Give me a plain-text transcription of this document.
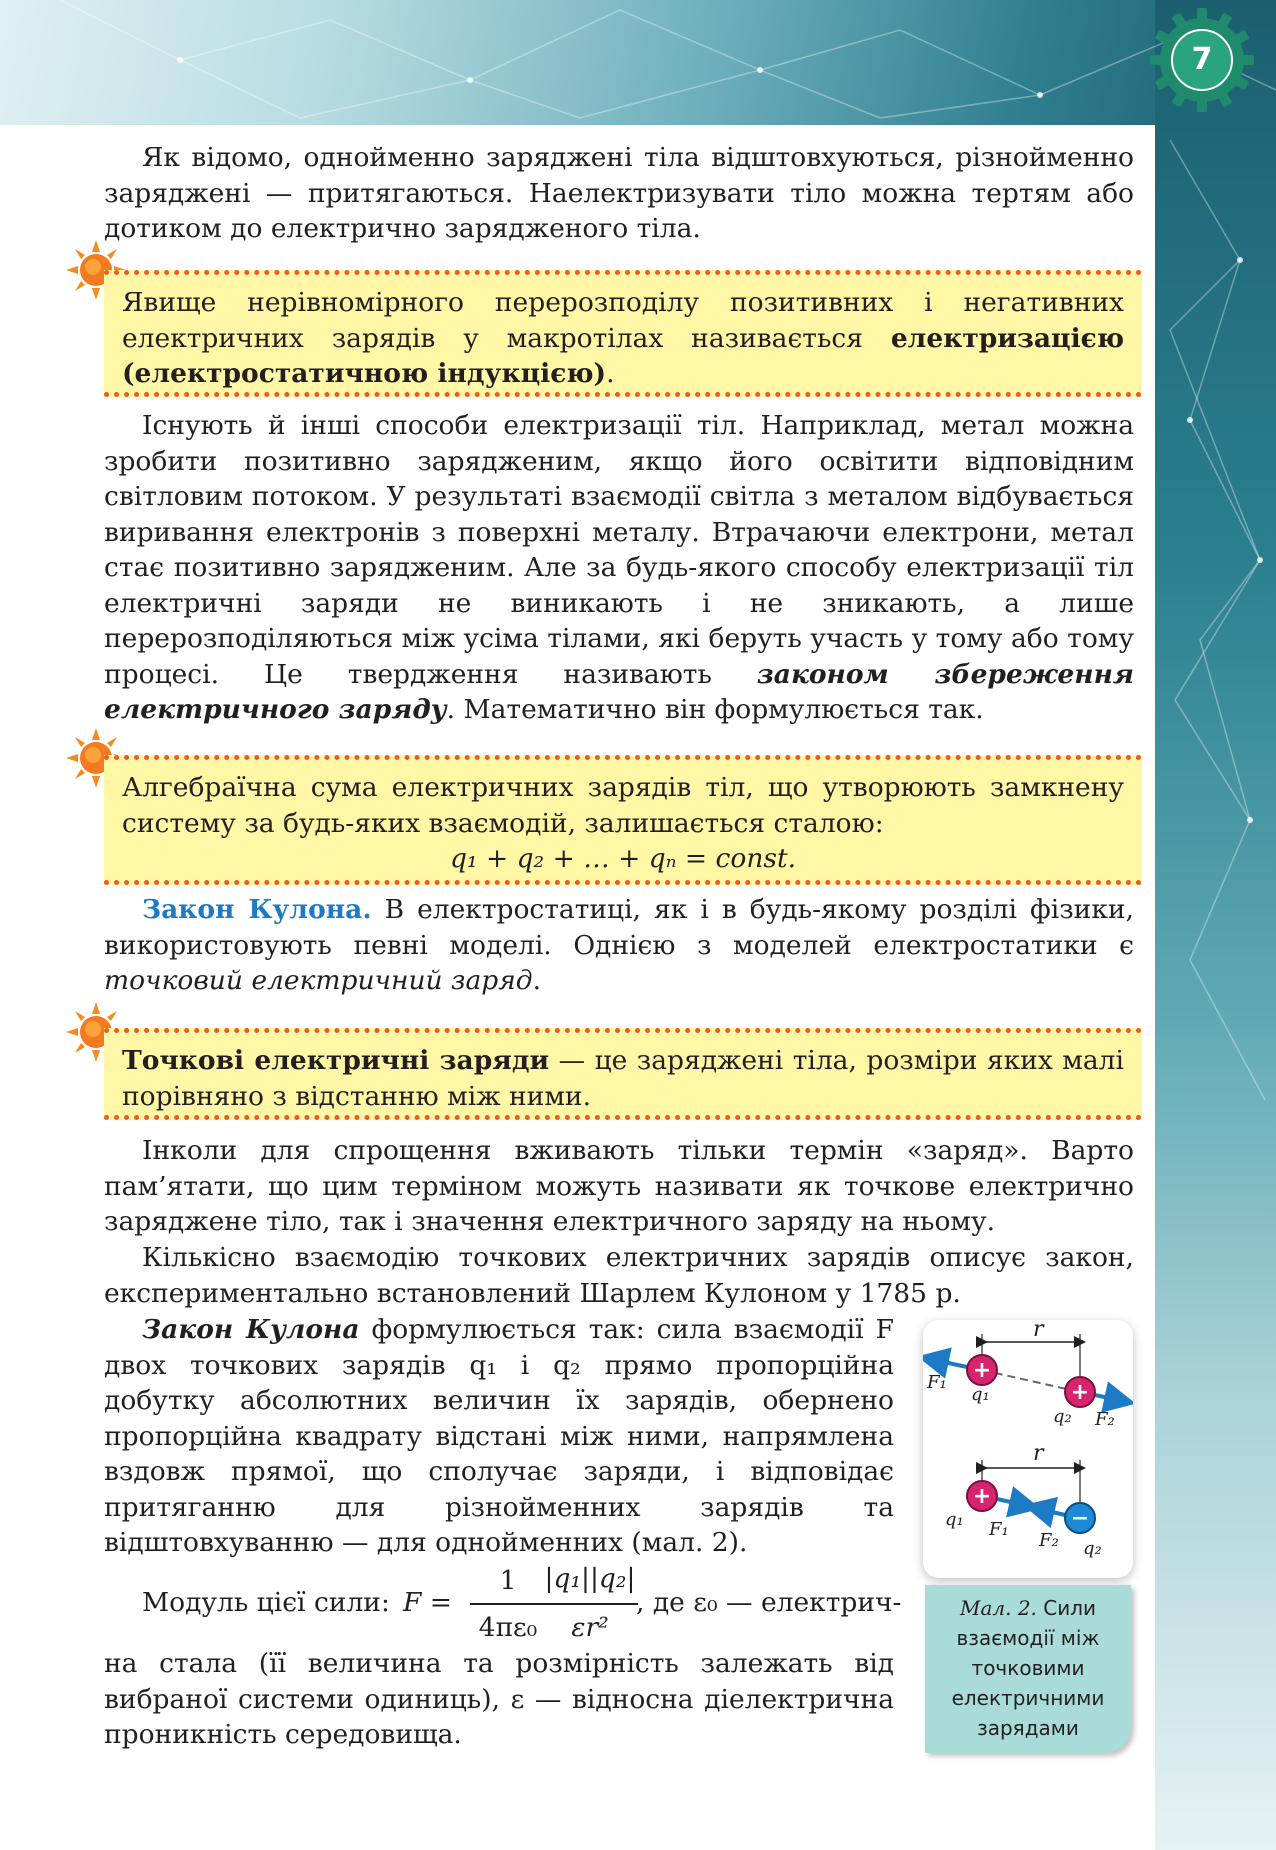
7

Як відомо, однойменно заряджені тіла відштовхуються, різнойменно заряджені — притягаються. Наелектризувати тіло можна тертям або дотиком до електрично зарядженого тіла.

Явище нерівномірного перерозподілу позитивних і негативних електричних зарядів у макротілах називається електризацією (електростатичною індукцією).

Існують й інші способи електризації тіл. Наприклад, метал можна зробити позитивно зарядженим, якщо його освітити відповідним світловим потоком. У результаті взаємодії світла з металом відбувається виривання електронів з поверхні металу. Втрачаючи електрони, метал стає позитивно зарядженим. Але за будь-якого способу електризації тіл електричні заряди не виникають і не зникають, а лише перерозподіляються між усіма тілами, які беруть участь у тому або тому процесі. Це твердження називають законом збереження електричного заряду. Математично він формулюється так.

Алгебраїчна сума електричних зарядів тіл, що утворюють замкнену систему за будь-яких взаємодій, залишається сталою:
q₁ + q₂ + … + qₙ = const.

Закон Кулона. В електростатиці, як і в будь-якому розділі фізики, використовують певні моделі. Однією з моделей електростатики є точковий електричний заряд.

Точкові електричні заряди — це заряджені тіла, розміри яких малі порівняно з відстанню між ними.

Інколи для спрощення вживають тільки термін «заряд». Варто пам’ятати, що цим терміном можуть називати як точкове електрично заряджене тіло, так і значення електричного заряду на ньому.

Кількісно взаємодію точкових електричних зарядів описує закон, експериментально встановлений Шарлем Кулоном у 1785 р.

Закон Кулона формулюється так: сила взаємодії F двох точкових зарядів q₁ і q₂ прямо пропорційна добутку абсолютних величин їх зарядів, обернено пропорційна квадрату відстані між ними, напрямлена вздовж прямої, що сполучає заряди, і відповідає притяганню для різнойменних зарядів та відштовхуванню — для однойменних (мал. 2).

Модуль цієї сили: F =
1
4πε₀
|q₁||q₂|
εr²
, де ε₀ — електрич-

на стала (її величина та розмірність залежать від вибраної системи одиниць), ε — відносна діелектрична проникність середовища.

+
+
r
F₁
q₁
q₂ F₂
+
−
r
q₁ F₁
F₂ q₂
Мал. 2. Сили взаємодії між точковими електричними зарядами
